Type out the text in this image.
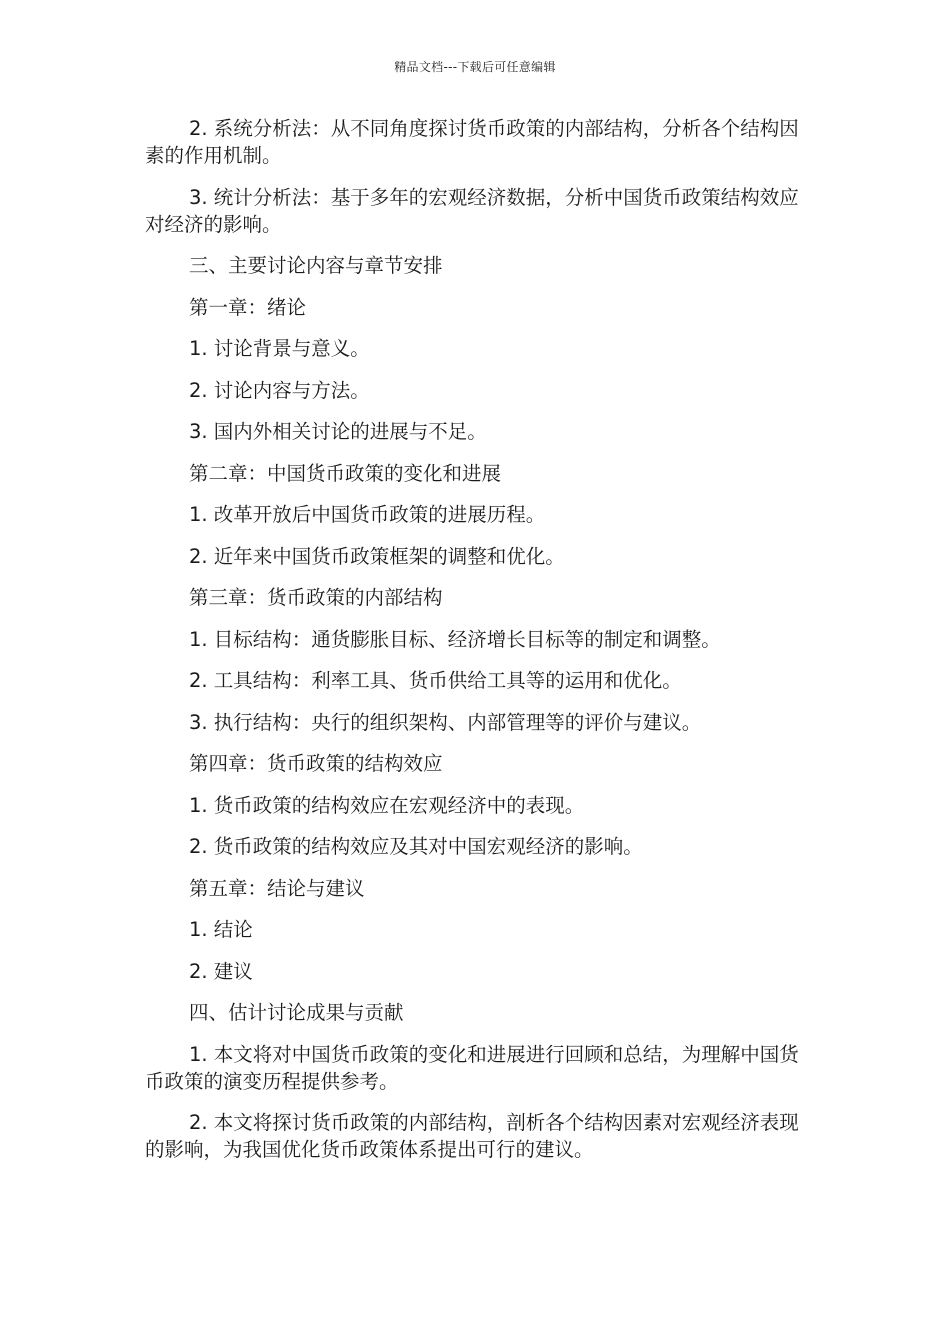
精品文档---下载后可任意编辑

2. 系统分析法：从不同角度探讨货币政策的内部结构，分析各个结构因素的作用机制。

3. 统计分析法：基于多年的宏观经济数据，分析中国货币政策结构效应对经济的影响。

三、主要讨论内容与章节安排

第一章：绪论

1. 讨论背景与意义。

2. 讨论内容与方法。

3. 国内外相关讨论的进展与不足。

第二章：中国货币政策的变化和进展

1. 改革开放后中国货币政策的进展历程。

2. 近年来中国货币政策框架的调整和优化。

第三章：货币政策的内部结构

1. 目标结构：通货膨胀目标、经济增长目标等的制定和调整。

2. 工具结构：利率工具、货币供给工具等的运用和优化。

3. 执行结构：央行的组织架构、内部管理等的评价与建议。

第四章：货币政策的结构效应

1. 货币政策的结构效应在宏观经济中的表现。

2. 货币政策的结构效应及其对中国宏观经济的影响。

第五章：结论与建议

1. 结论

2. 建议

四、估计讨论成果与贡献

1. 本文将对中国货币政策的变化和进展进行回顾和总结，为理解中国货币政策的演变历程提供参考。

2. 本文将探讨货币政策的内部结构，剖析各个结构因素对宏观经济表现的影响，为我国优化货币政策体系提出可行的建议。
